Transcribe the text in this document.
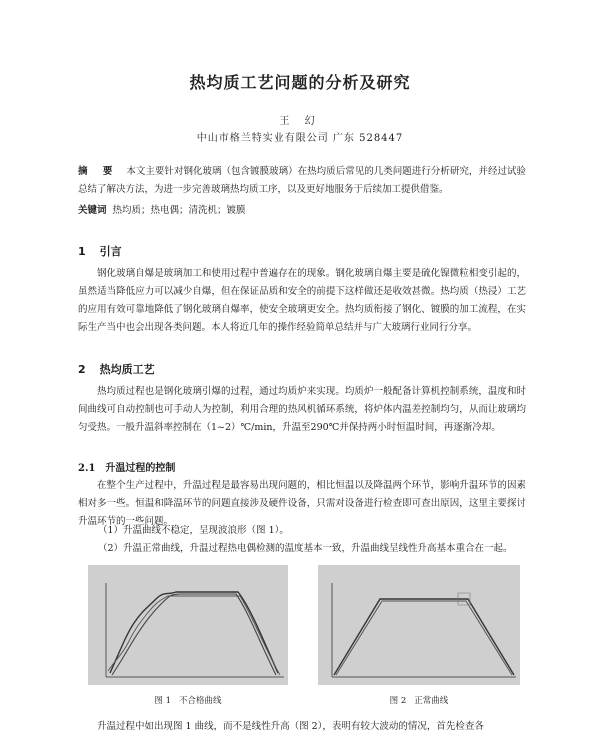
热均质工艺问题的分析及研究
王 幻
中山市格兰特实业有限公司 广东 528447
摘 要 本文主要针对钢化玻璃（包含镀膜玻璃）在热均质后常见的几类问题进行分析研究，并经过试验总结了解决方法，为进一步完善玻璃热均质工序，以及更好地服务于后续加工提供借鉴。
关键词 热均质；热电偶；清洗机；镀膜
1 引言
钢化玻璃自爆是玻璃加工和使用过程中普遍存在的现象。钢化玻璃自爆主要是硫化镍微粒相变引起的，虽然适当降低应力可以减少自爆，但在保证品质和安全的前提下这样做还是收效甚微。热均质（热浸）工艺的应用有效可靠地降低了钢化玻璃自爆率，使安全玻璃更安全。热均质衔接了钢化、镀膜的加工流程，在实际生产当中也会出现各类问题。本人将近几年的操作经验简单总结并与广大玻璃行业同行分享。
2 热均质工艺
热均质过程也是钢化玻璃引爆的过程，通过均质炉来实现。均质炉一般配备计算机控制系统，温度和时间曲线可自动控制也可手动人为控制，利用合理的热风机循环系统，将炉体内温差控制均匀，从而让玻璃均匀受热。一般升温斜率控制在（1~2）℃/min，升温至290℃并保持两小时恒温时间，再逐渐冷却。
2.1 升温过程的控制
在整个生产过程中，升温过程是最容易出现问题的，相比恒温以及降温两个环节，影响升温环节的因素相对多一些。恒温和降温环节的问题直接涉及硬件设备，只需对设备进行检查即可查出原因，这里主要探讨升温环节的一些问题。
（1）升温曲线不稳定，呈现波浪形（图 1）。
（2）升温正常曲线，升温过程热电偶检测的温度基本一致，升温曲线呈线性升高基本重合在一起。
图 1 不合格曲线	图 2 正常曲线
升温过程中如出现图 1 曲线，而不是线性升高（图 2），表明有较大波动的情况，首先检查各
